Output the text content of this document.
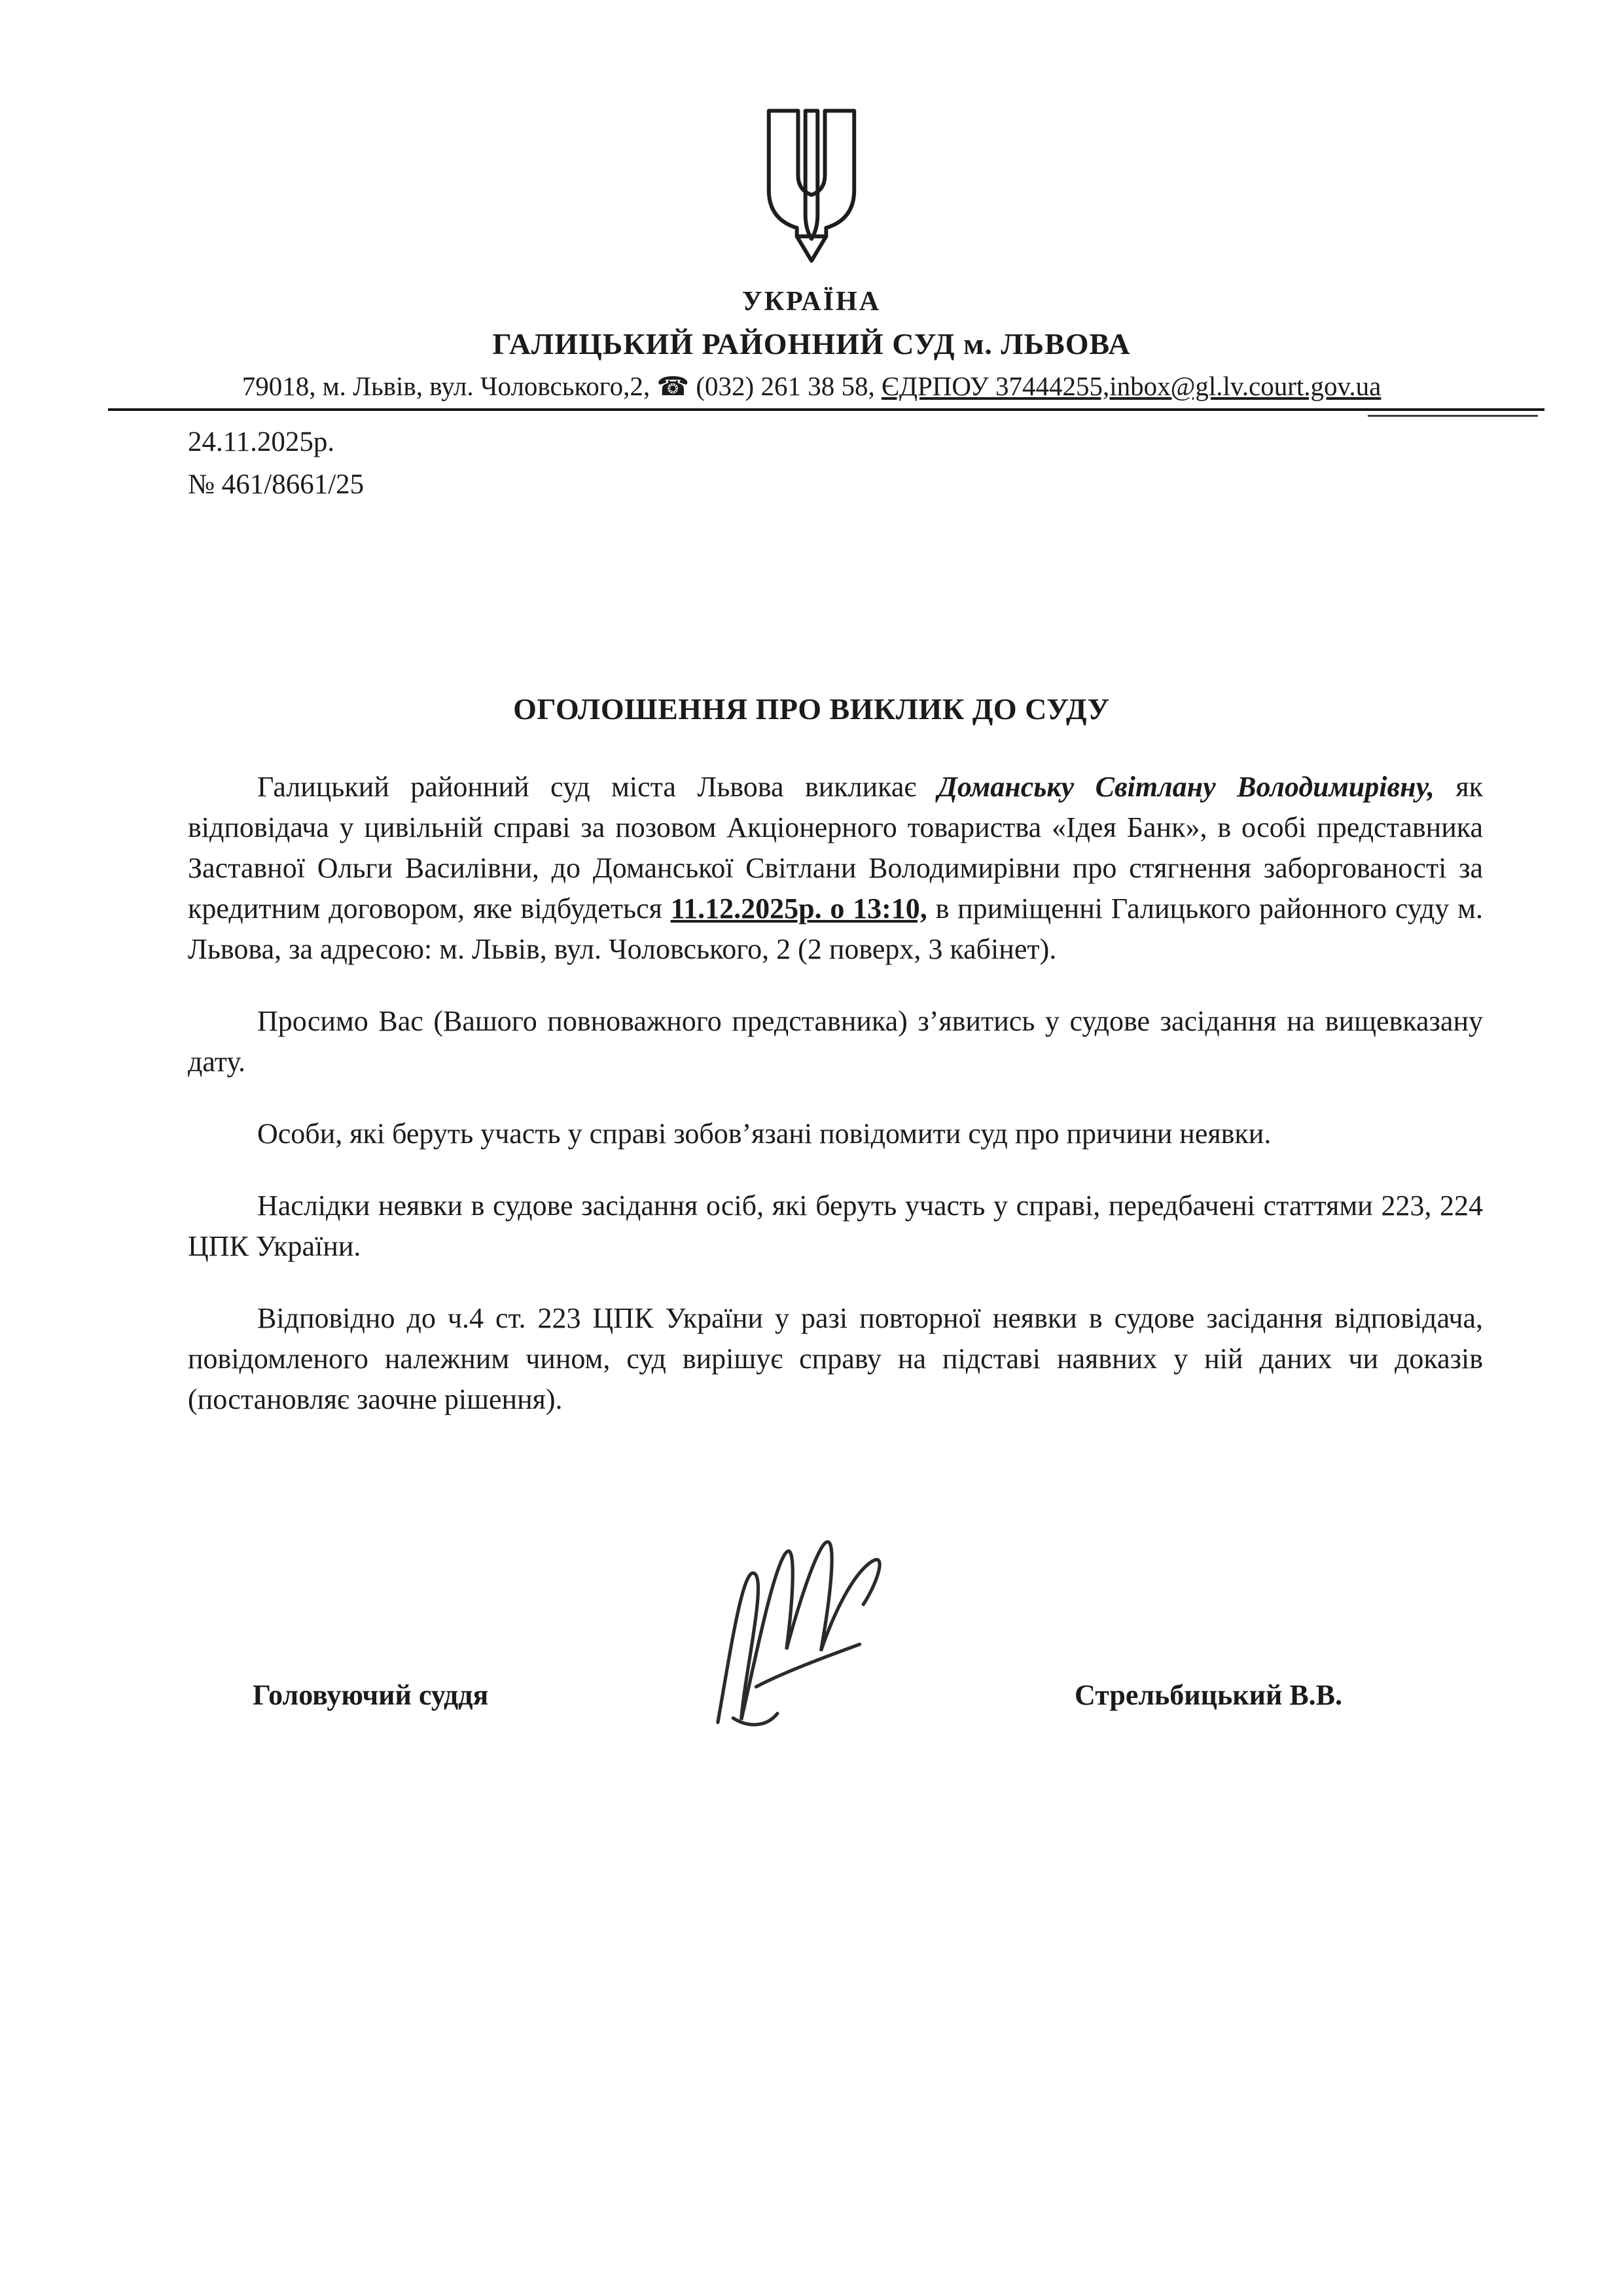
УКРАЇНА
ГАЛИЦЬКИЙ РАЙОННИЙ СУД м. ЛЬВОВА
79018, м. Львів, вул. Чоловського,2, ☎ (032) 261 38 58, ЄДРПОУ 37444255,inbox@gl.lv.court.gov.ua
24.11.2025р.
№ 461/8661/25
ОГОЛОШЕННЯ ПРО ВИКЛИК ДО СУДУ

Галицький районний суд міста Львова викликає Доманську Світлану Володимирівну, як відповідача у цивільній справі за позовом Акціонерного товариства «Ідея Банк», в особі представника Заставної Ольги Василівни, до Доманської Світлани Володимирівни про стягнення заборгованості за кредитним договором, яке відбудеться 11.12.2025р. о 13:10, в приміщенні Галицького районного суду м. Львова, за адресою: м. Львів, вул. Чоловського, 2 (2 поверх, 3 кабінет).

Просимо Вас (Вашого повноважного представника) з’явитись у судове засідання на вищевказану дату.

Особи, які беруть участь у справі зобов’язані повідомити суд про причини неявки.

Наслідки неявки в судове засідання осіб, які беруть участь у справі, передбачені статтями 223, 224 ЦПК України.

Відповідно до ч.4 ст. 223 ЦПК України у разі повторної неявки в судове засідання відповідача, повідомленого належним чином, суд вирішує справу на підставі наявних у ній даних чи доказів (постановляє заочне рішення).

Головуючий суддя	Стрельбицький В.В.
